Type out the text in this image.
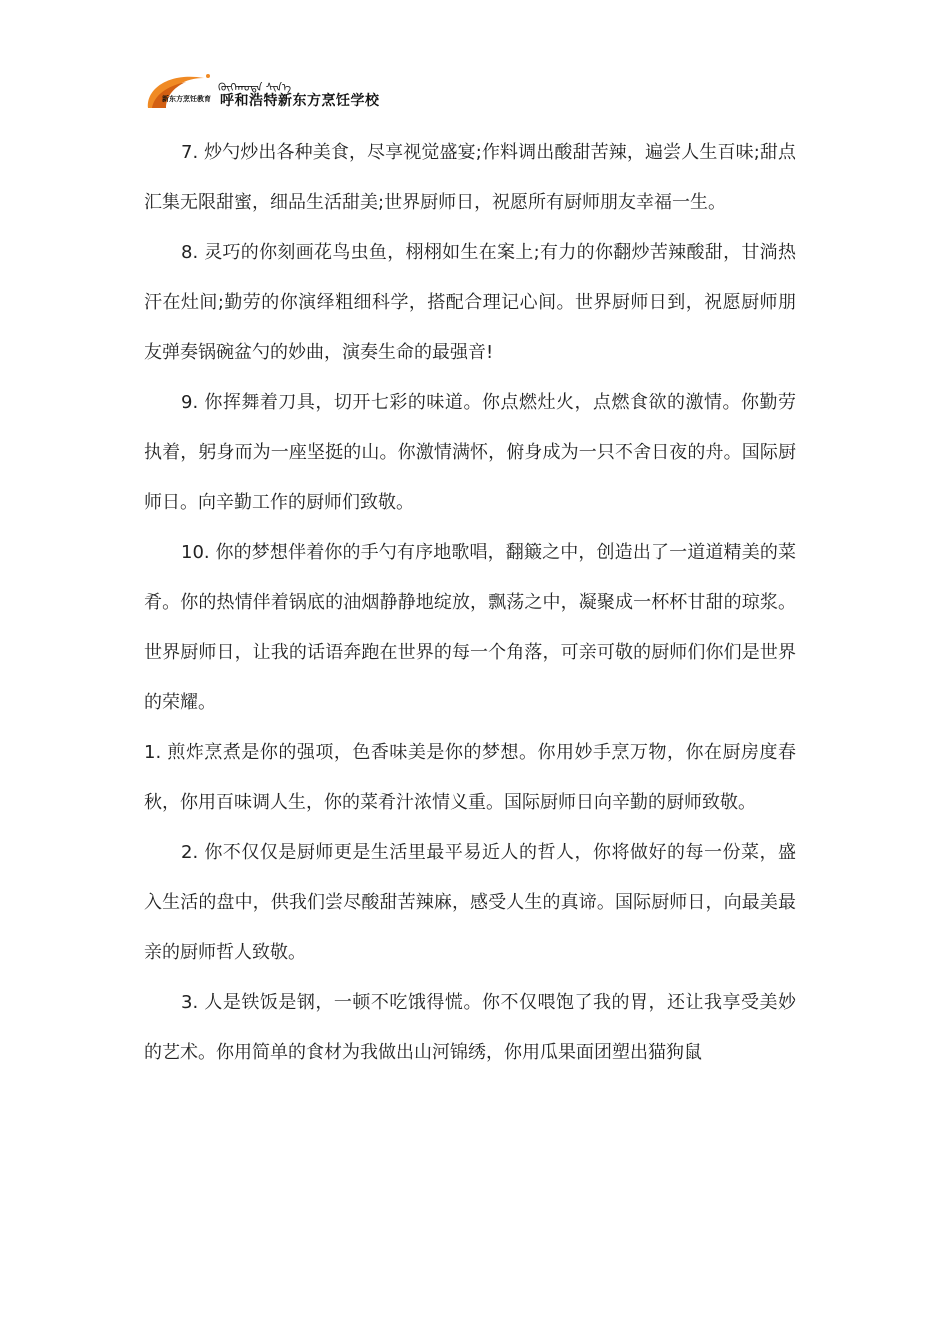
新东方烹饪教育
ᠬᠥᠬᠡᠬᠣᠲᠠ ᠰᠢᠨ᠎ᠡ
呼和浩特新东方烹饪学校

7. 炒勺炒出各种美食，尽享视觉盛宴;作料调出酸甜苦辣，遍尝人生百味;甜点汇集无限甜蜜，细品生活甜美;世界厨师日，祝愿所有厨师朋友幸福一生。

8. 灵巧的你刻画花鸟虫鱼，栩栩如生在案上;有力的你翻炒苦辣酸甜，甘淌热汗在灶间;勤劳的你演绎粗细科学，搭配合理记心间。世界厨师日到，祝愿厨师朋友弹奏锅碗盆勺的妙曲，演奏生命的最强音!

9. 你挥舞着刀具，切开七彩的味道。你点燃灶火，点燃食欲的激情。你勤劳执着，躬身而为一座坚挺的山。你激情满怀，俯身成为一只不舍日夜的舟。国际厨师日。向辛勤工作的厨师们致敬。

10. 你的梦想伴着你的手勺有序地歌唱，翻簸之中，创造出了一道道精美的菜肴。你的热情伴着锅底的油烟静静地绽放，飘荡之中，凝聚成一杯杯甘甜的琼浆。世界厨师日，让我的话语奔跑在世界的每一个角落，可亲可敬的厨师们你们是世界的荣耀。

1. 煎炸烹煮是你的强项，色香味美是你的梦想。你用妙手烹万物，你在厨房度春秋，你用百味调人生，你的菜肴汁浓情义重。国际厨师日向辛勤的厨师致敬。

2. 你不仅仅是厨师更是生活里最平易近人的哲人，你将做好的每一份菜，盛入生活的盘中，供我们尝尽酸甜苦辣麻，感受人生的真谛。国际厨师日，向最美最亲的厨师哲人致敬。

3. 人是铁饭是钢，一顿不吃饿得慌。你不仅喂饱了我的胃，还让我享受美妙的艺术。你用简单的食材为我做出山河锦绣，你用瓜果面团塑出猫狗鼠
